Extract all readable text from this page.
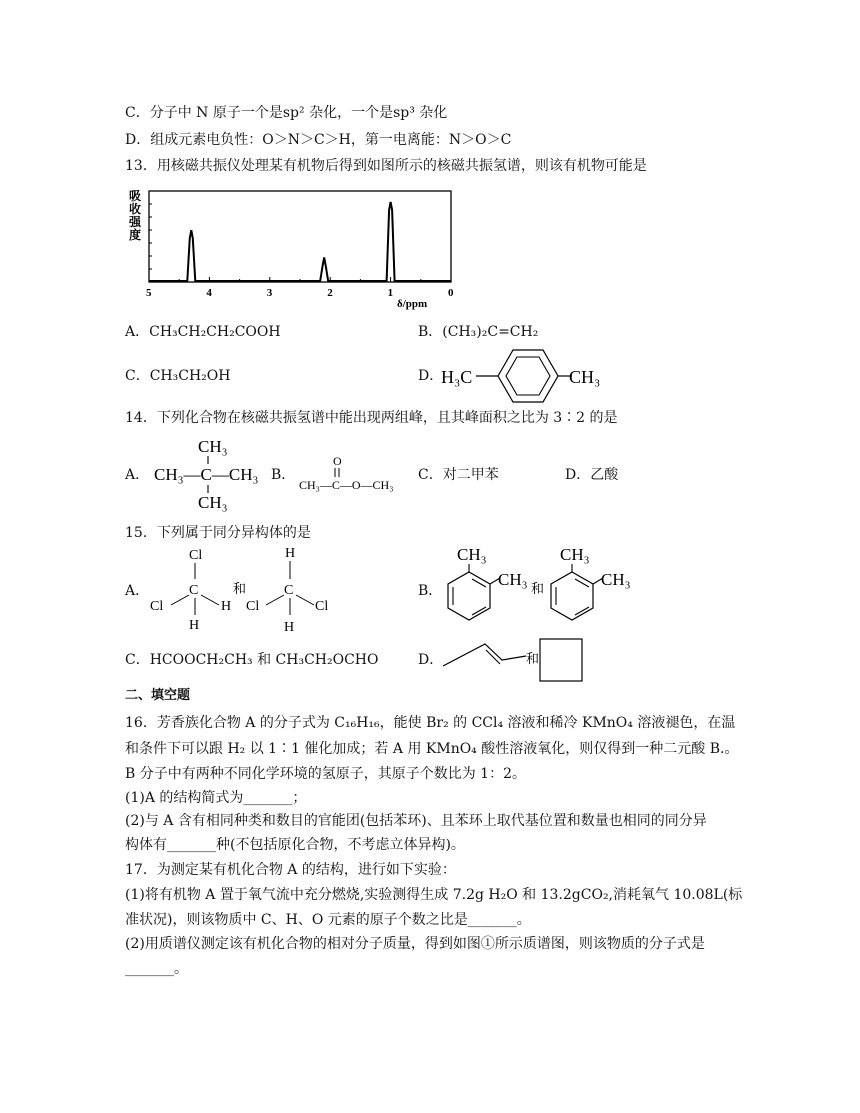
C．分子中 N 原子一个是sp² 杂化，一个是sp³ 杂化
D．组成元素电负性：O＞N＞C＞H，第一电离能：N＞O＞C
13．用核磁共振仪处理某有机物后得到如图所示的核磁共振氢谱，则该有机物可能是
吸
收
强
度
5	4	3	2	1	0
δ/ppm
A．CH₃CH₂CH₂COOH	B．(CH₃)₂C=CH₂
C．CH₃CH₂OH	D．
H₃C	CH₃
14．下列化合物在核磁共振氢谱中能出现两组峰，且其峰面积之比为 3∶2 的是
A．
CH₃
CH₃—C—CH₃
CH₃
B．
O
CH₃—C—O—CH₃
C．对二甲苯	D．乙酸
15．下列属于同分异构体的是
A．
Cl
C
Cl	H
H
和
H
C
Cl	Cl
H
B．
CH₃
CH₃ 和
CH₃
CH₃
C．HCOOCH₂CH₃ 和 CH₃CH₂OCHO	D．	和
二、填空题
16．芳香族化合物 A 的分子式为 C₁₆H₁₆，能使 Br₂ 的 CCl₄ 溶液和稀冷 KMnO₄ 溶液褪色，在温
和条件下可以跟 H₂ 以 1∶1 催化加成；若 A 用 KMnO₄ 酸性溶液氧化，则仅得到一种二元酸 B.。
B 分子中有两种不同化学环境的氢原子，其原子个数比为 1：2。
(1)A 的结构简式为_______；
(2)与 A 含有相同种类和数目的官能团(包括苯环)、且苯环上取代基位置和数量也相同的同分异
构体有_______种(不包括原化合物，不考虑立体异构)。
17．为测定某有机化合物 A 的结构，进行如下实验：
(1)将有机物 A 置于氧气流中充分燃烧,实验测得生成 7.2g H₂O 和 13.2gCO₂,消耗氧气 10.08L(标
准状况)，则该物质中 C、H、O 元素的原子个数之比是_______。
(2)用质谱仪测定该有机化合物的相对分子质量，得到如图①所示质谱图，则该物质的分子式是
_______。
